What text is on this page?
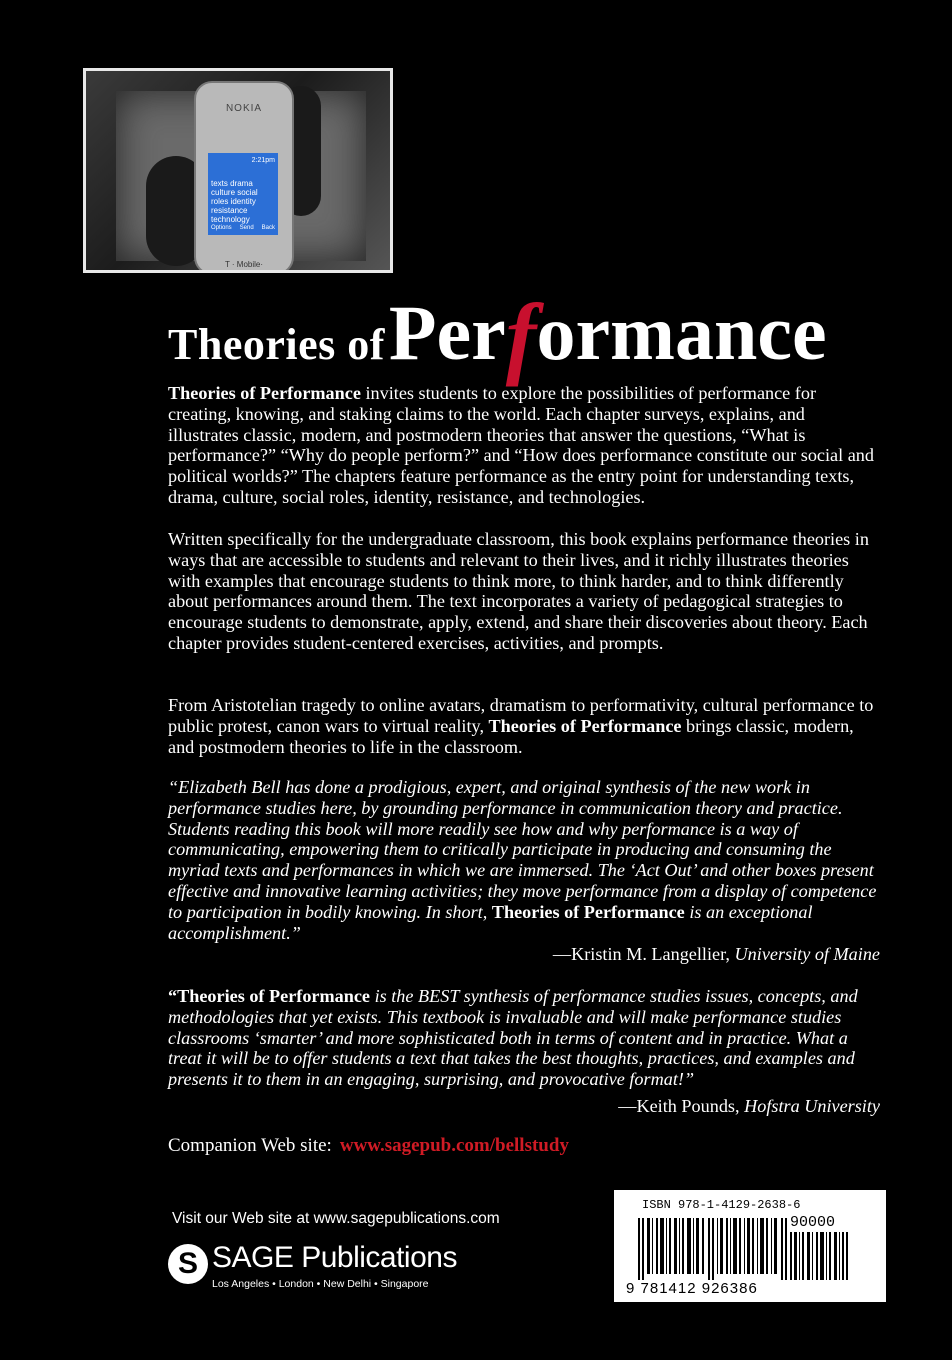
NOKIA
2:21pm
texts drama culture social roles identity resistance technology
Options Send Back
T · Mobile·
Theories of Performance
Theories of Performance invites students to explore the possibilities of performance for creating, knowing, and staking claims to the world. Each chapter surveys, explains, and illustrates classic, modern, and postmodern theories that answer the questions, “What is performance?” “Why do people perform?” and “How does performance constitute our social and political worlds?” The chapters feature performance as the entry point for understanding texts, drama, culture, social roles, identity, resistance, and technologies.
Written specifically for the undergraduate classroom, this book explains performance theories in ways that are accessible to students and relevant to their lives, and it richly illustrates theories with examples that encourage students to think more, to think harder, and to think differently about performances around them. The text incorporates a variety of pedagogical strategies to encourage students to demonstrate, apply, extend, and share their discoveries about theory. Each chapter provides student-centered exercises, activities, and prompts.
From Aristotelian tragedy to online avatars, dramatism to performativity, cultural performance to public protest, canon wars to virtual reality, Theories of Performance brings classic, modern, and postmodern theories to life in the classroom.
“Elizabeth Bell has done a prodigious, expert, and original synthesis of the new work in performance studies here, by grounding performance in communication theory and practice. Students reading this book will more readily see how and why performance is a way of communicating, empowering them to critically participate in producing and consuming the myriad texts and performances in which we are immersed. The ‘Act Out’ and other boxes present effective and innovative learning activities; they move performance from a display of competence to participation in bodily knowing. In short, Theories of Performance is an exceptional accomplishment.”
—Kristin M. Langellier, University of Maine
“Theories of Performance is the BEST synthesis of performance studies issues, concepts, and methodologies that yet exists. This textbook is invaluable and will make performance studies classrooms ‘smarter’ and more sophisticated both in terms of content and in practice. What a treat it will be to offer students a text that takes the best thoughts, practices, and examples and presents it to them in an engaging, surprising, and provocative format!”
—Keith Pounds, Hofstra University
Companion Web site: www.sagepub.com/bellstudy
Visit our Web site at www.sagepublications.com
S SAGE Publications
Los Angeles • London • New Delhi • Singapore
ISBN 978-1-4129-2638-6
90000
9 781412 926386
